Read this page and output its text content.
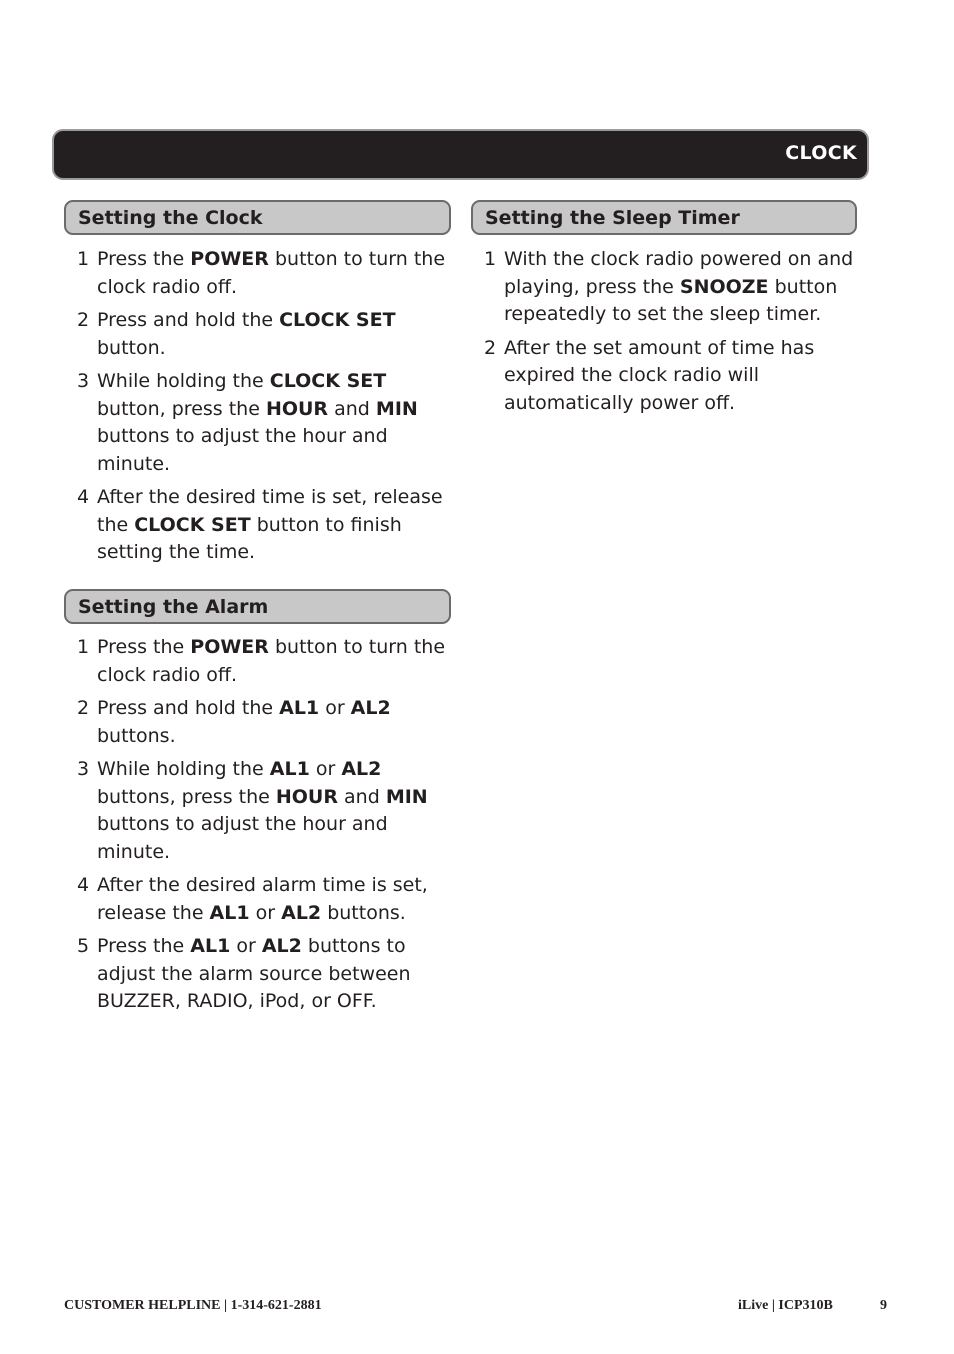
CLOCK
Setting the Clock
1 Press the POWER button to turn the clock radio off.
2 Press and hold the CLOCK SET button.
3 While holding the CLOCK SET button, press the HOUR and MIN buttons to adjust the hour and minute.
4 After the desired time is set, release the CLOCK SET button to finish setting the time.
Setting the Alarm
1 Press the POWER button to turn the clock radio off.
2 Press and hold the AL1 or AL2 buttons.
3 While holding the AL1 or AL2 buttons, press the HOUR and MIN buttons to adjust the hour and minute.
4 After the desired alarm time is set, release the AL1 or AL2 buttons.
5 Press the AL1 or AL2 buttons to adjust the alarm source between BUZZER, RADIO, iPod, or OFF.
Setting the Sleep Timer
1 With the clock radio powered on and playing, press the SNOOZE button repeatedly to set the sleep timer.
2 After the set amount of time has expired the clock radio will automatically power off.
CUSTOMER HELPLINE | 1-314-621-2881	iLive | ICP310B	9
